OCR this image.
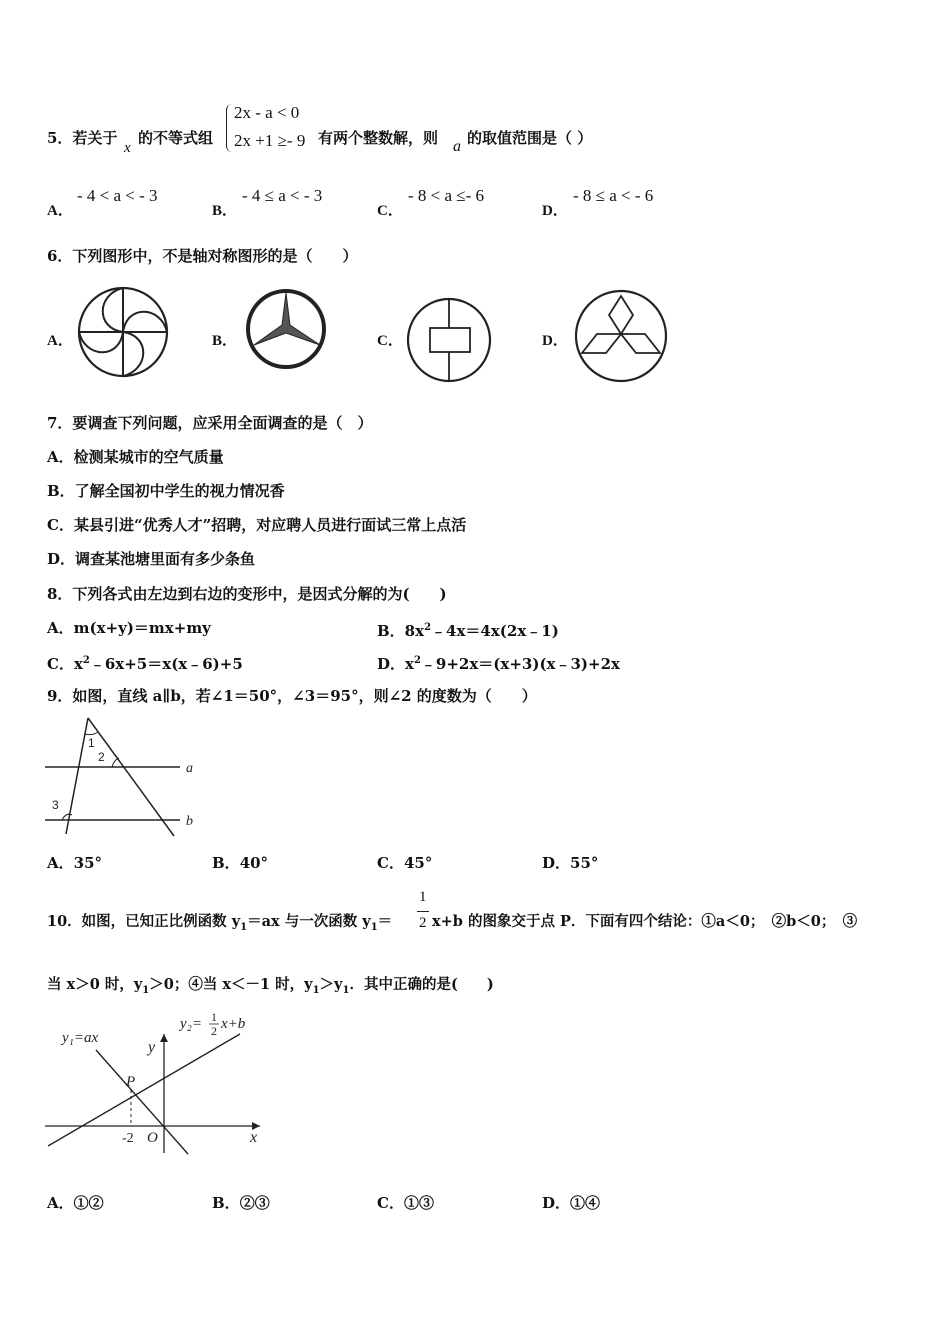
5．若关于
x
的不等式组
2x - a < 0
2x +1 ≥- 9 有两个整数解，则 a 的取值范围是（ ）
A．
- 4 < a < - 3
B．
- 4 ≤ a < - 3
C．
- 8 < a ≤- 6
D．
- 8 ≤ a < - 6
6．下列图形中，不是轴对称图形的是（　　）
A．	B．	C．	D．
7．要调查下列问题，应采用全面调查的是（　）
A．检测某城市的空气质量
B．了解全国初中学生的视力情况香
C．某县引进“优秀人才”招聘，对应聘人员进行面试三常上点活
D．调查某池塘里面有多少条鱼
8．下列各式由左边到右边的变形中，是因式分解的为(　　)
A．m(x+y)＝mx+my	B．$8x^2﹣4x=4x(2x﹣1)$
C．$x^2﹣6x+5=x(x﹣6)+5$	D．$x^2﹣9+2x=(x+3)(x﹣3)+2x$
9．如图，直线 a∥b，若∠1＝50°，∠3＝95°，则∠2 的度数为（　　）
1
2
3
a
b
A．35°	B．40°	C．45°	D．55°
10．如图，已知正比例函数 $y_1=ax$ 与一次函数 $y_1=$
1
2 x+b 的图象交于点 P．下面有四个结论：①a＜0；　②b＜0；　③
当 x＞0 时，$y_1>0$；④当 x＜－1 时，$y_1>y_1$．其中正确的是(　　)
y₁=ax
y₂= 1
2 x+b
y
x
P
O
-2
A．①②	B．②③	C．①③	D．①④
